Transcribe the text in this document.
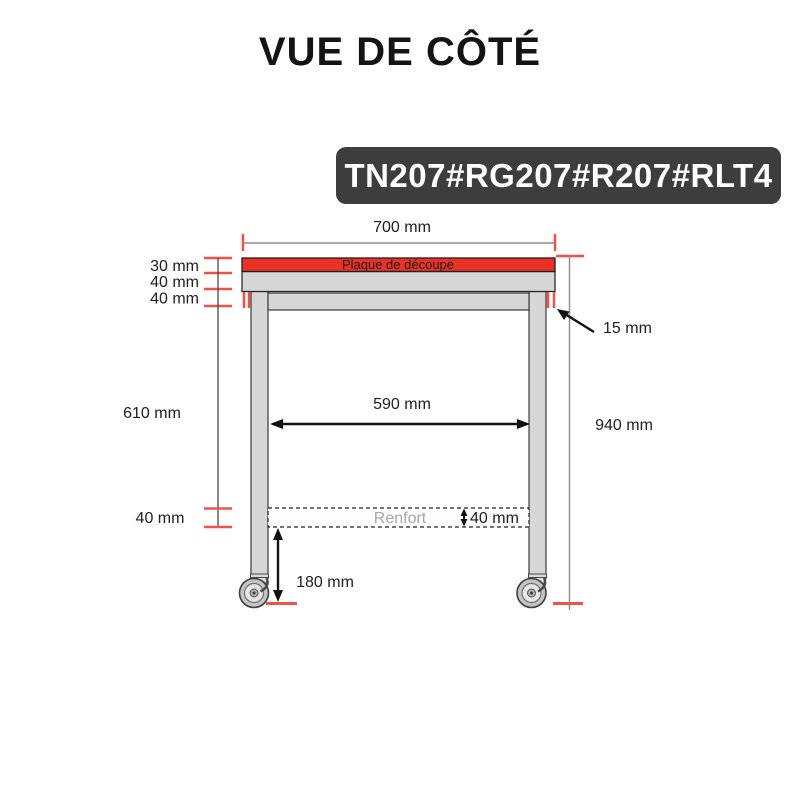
VUE DE CÔTÉ
TN207#RG207#R207#RLT4
700 mm
30 mm
40 mm
40 mm
610 mm
40 mm
590 mm
940 mm
15 mm
40 mm
180 mm
Plaque de découpe
Renfort
